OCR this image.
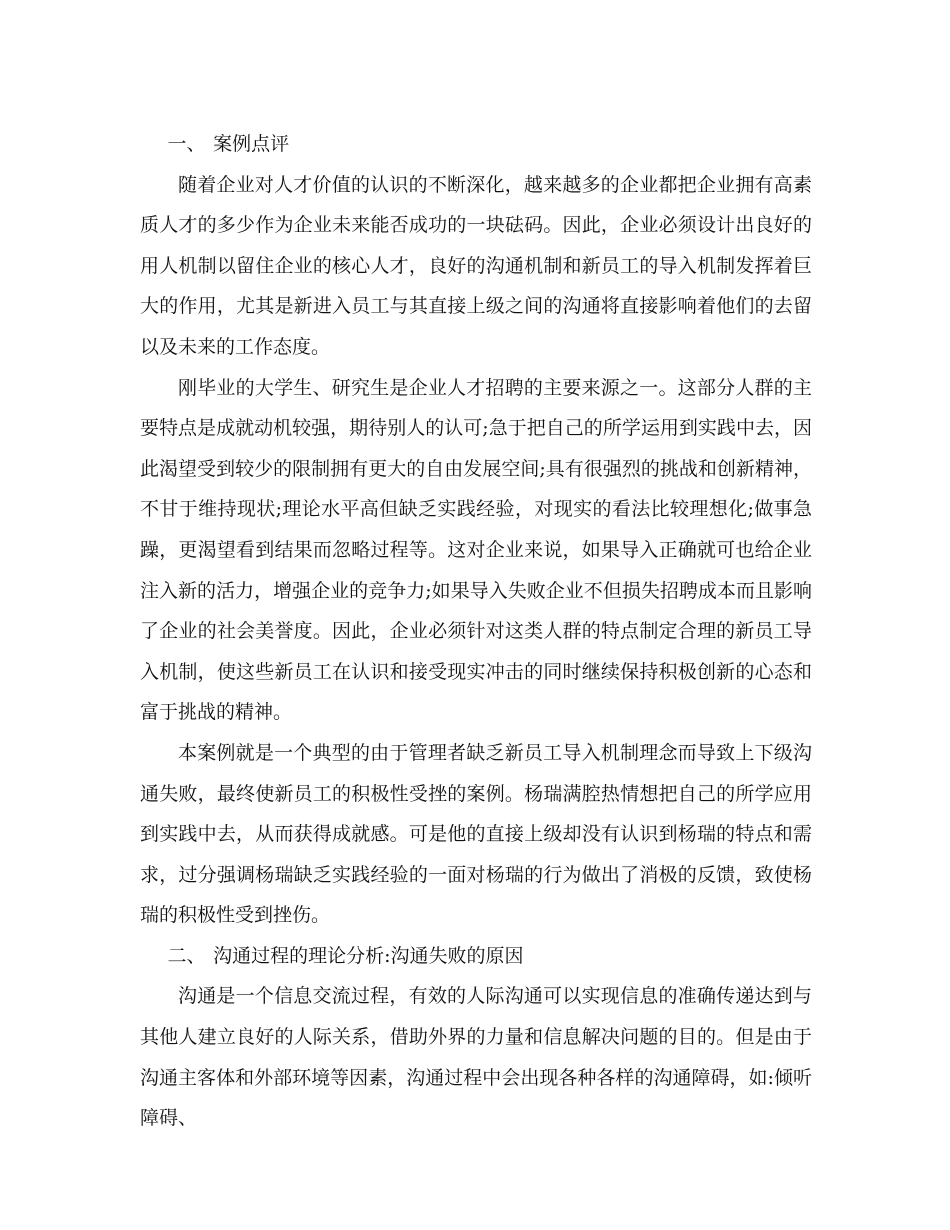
一、 案例点评

随着企业对人才价值的认识的不断深化，越来越多的企业都把企业拥有高素质人才的多少作为企业未来能否成功的一块砝码。因此，企业必须设计出良好的用人机制以留住企业的核心人才，良好的沟通机制和新员工的导入机制发挥着巨大的作用，尤其是新进入员工与其直接上级之间的沟通将直接影响着他们的去留以及未来的工作态度。

刚毕业的大学生、研究生是企业人才招聘的主要来源之一。这部分人群的主要特点是成就动机较强，期待别人的认可;急于把自己的所学运用到实践中去，因此渴望受到较少的限制拥有更大的自由发展空间;具有很强烈的挑战和创新精神，不甘于维持现状;理论水平高但缺乏实践经验，对现实的看法比较理想化;做事急躁，更渴望看到结果而忽略过程等。这对企业来说，如果导入正确就可也给企业注入新的活力，增强企业的竞争力;如果导入失败企业不但损失招聘成本而且影响了企业的社会美誉度。因此，企业必须针对这类人群的特点制定合理的新员工导入机制，使这些新员工在认识和接受现实冲击的同时继续保持积极创新的心态和富于挑战的精神。

本案例就是一个典型的由于管理者缺乏新员工导入机制理念而导致上下级沟通失败，最终使新员工的积极性受挫的案例。杨瑞满腔热情想把自己的所学应用到实践中去，从而获得成就感。可是他的直接上级却没有认识到杨瑞的特点和需求，过分强调杨瑞缺乏实践经验的一面对杨瑞的行为做出了消极的反馈，致使杨瑞的积极性受到挫伤。

二、 沟通过程的理论分析:沟通失败的原因

沟通是一个信息交流过程，有效的人际沟通可以实现信息的准确传递达到与其他人建立良好的人际关系，借助外界的力量和信息解决问题的目的。但是由于沟通主客体和外部环境等因素，沟通过程中会出现各种各样的沟通障碍，如:倾听障碍、
